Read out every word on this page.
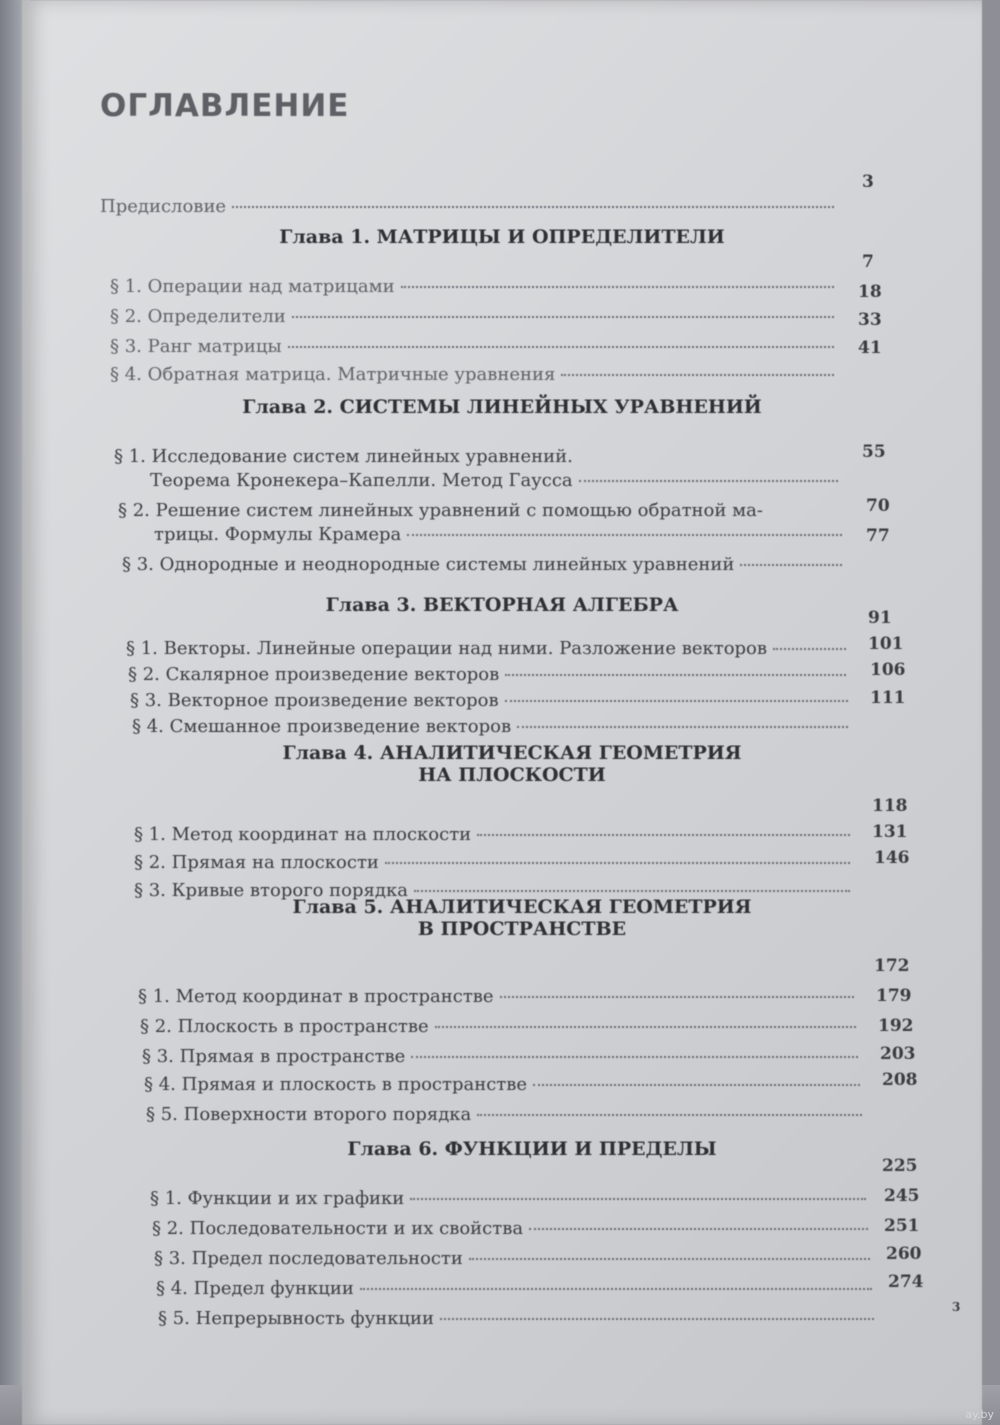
ОГЛАВЛЕНИЕ
Предисловие
3
Глава 1. МАТРИЦЫ И ОПРЕДЕЛИТЕЛИ
§ 1. Операции над матрицами
7
§ 2. Определители
18
§ 3. Ранг матрицы
33
§ 4. Обратная матрица. Матричные уравнения
41
Глава 2. СИСТЕМЫ ЛИНЕЙНЫХ УРАВНЕНИЙ
§ 1. Исследование систем линейных уравнений.
Теорема Кронекера–Капелли. Метод Гаусса
55
§ 2. Решение систем линейных уравнений с помощью обратной ма-
трицы. Формулы Крамера
70
§ 3. Однородные и неоднородные системы линейных уравнений
77
Глава 3. ВЕКТОРНАЯ АЛГЕБРА
§ 1. Векторы. Линейные операции над ними. Разложение векторов
91
§ 2. Скалярное произведение векторов
101
§ 3. Векторное произведение векторов
106
§ 4. Смешанное произведение векторов
111
Глава 4. АНАЛИТИЧЕСКАЯ ГЕОМЕТРИЯ
НА ПЛОСКОСТИ
§ 1. Метод координат на плоскости
118
§ 2. Прямая на плоскости
131
§ 3. Кривые второго порядка
146
Глава 5. АНАЛИТИЧЕСКАЯ ГЕОМЕТРИЯ
В ПРОСТРАНСТВЕ
§ 1. Метод координат в пространстве
172
§ 2. Плоскость в пространстве
179
§ 3. Прямая в пространстве
192
§ 4. Прямая и плоскость в пространстве
203
§ 5. Поверхности второго порядка
208
Глава 6. ФУНКЦИИ И ПРЕДЕЛЫ
§ 1. Функции и их графики
225
§ 2. Последовательности и их свойства
245
§ 3. Предел последовательности
251
§ 4. Предел функции
260
§ 5. Непрерывность функции
274
3
ay.by
